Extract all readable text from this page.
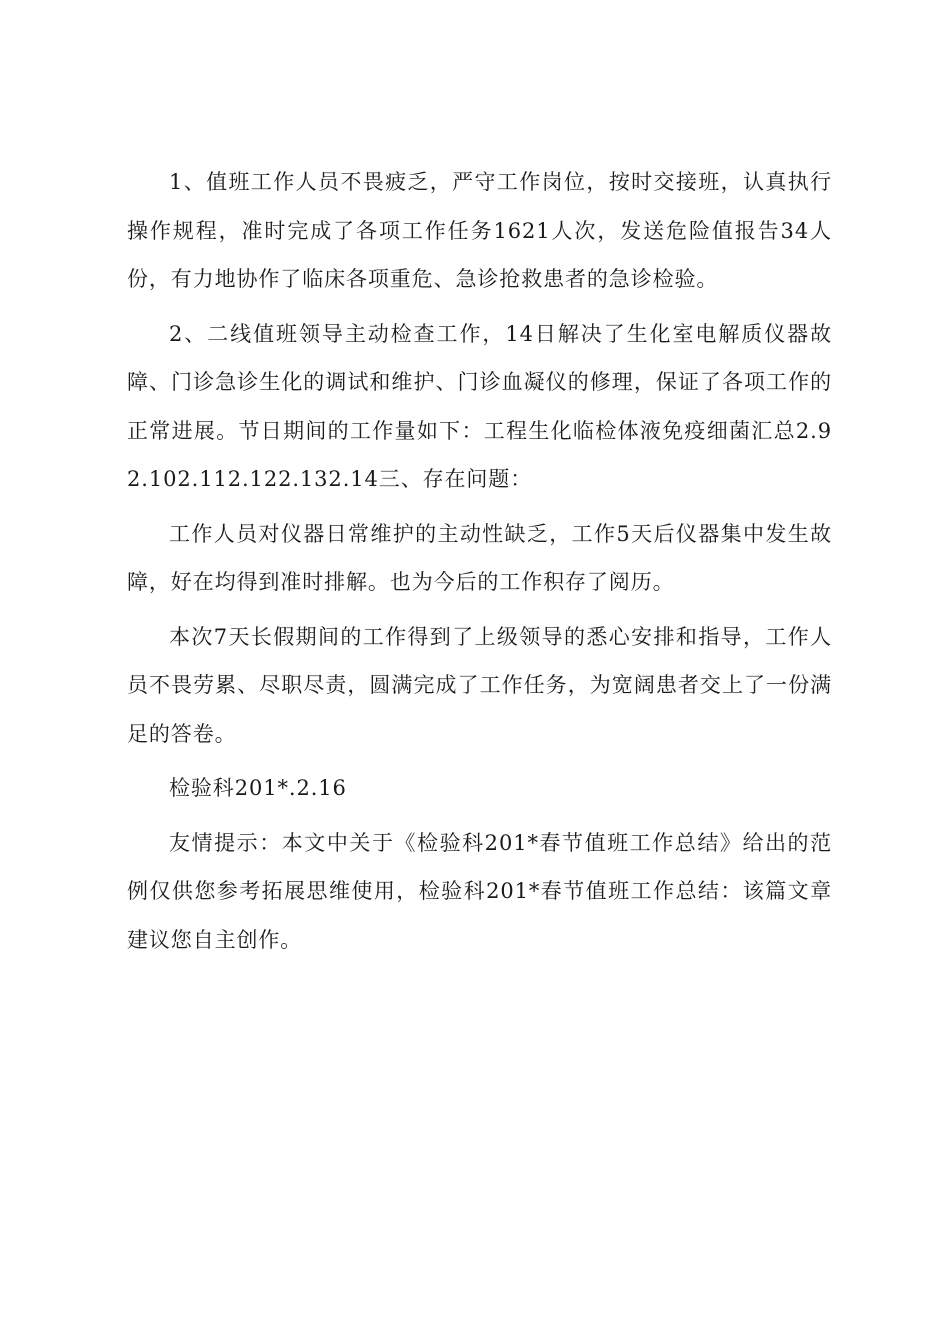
1、值班工作人员不畏疲乏，严守工作岗位，按时交接班，认真执行操作规程，准时完成了各项工作任务1621人次，发送危险值报告34人份，有力地协作了临床各项重危、急诊抢救患者的急诊检验。

2、二线值班领导主动检查工作，14日解决了生化室电解质仪器故障、门诊急诊生化的调试和维护、门诊血凝仪的修理，保证了各项工作的正常进展。节日期间的工作量如下：工程生化临检体液免疫细菌汇总2.92.102.112.122.132.14三、存在问题：

工作人员对仪器日常维护的主动性缺乏，工作5天后仪器集中发生故障，好在均得到准时排解。也为今后的工作积存了阅历。

本次7天长假期间的工作得到了上级领导的悉心安排和指导，工作人员不畏劳累、尽职尽责，圆满完成了工作任务，为宽阔患者交上了一份满足的答卷。

检验科201*.2.16

友情提示：本文中关于《检验科201*春节值班工作总结》给出的范例仅供您参考拓展思维使用，检验科201*春节值班工作总结：该篇文章建议您自主创作。
